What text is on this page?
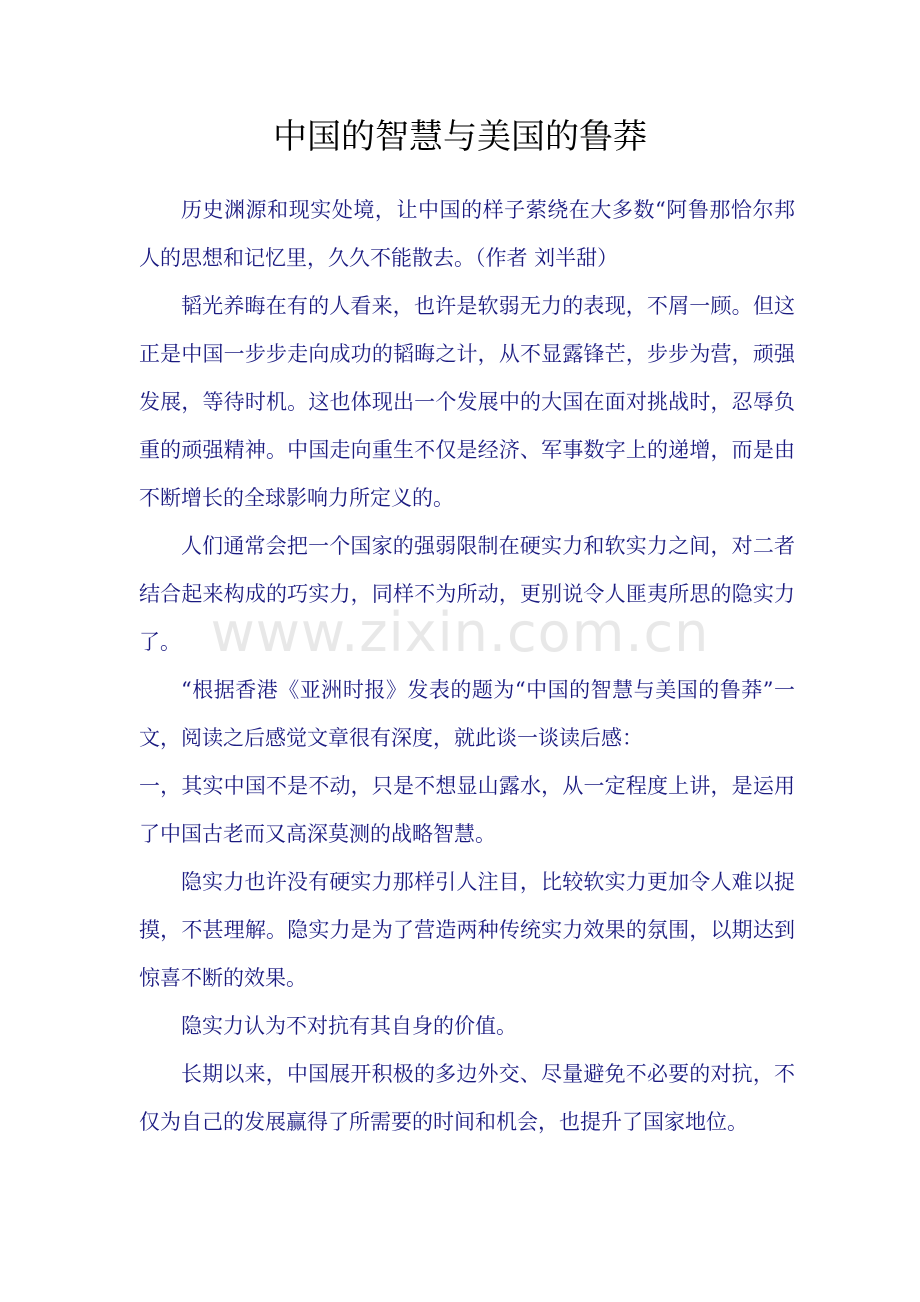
中国的智慧与美国的鲁莽

历史渊源和现实处境，让中国的样子萦绕在大多数“阿鲁那恰尔邦人的思想和记忆里，久久不能散去。（作者 刘半甜）

韬光养晦在有的人看来，也许是软弱无力的表现，不屑一顾。但这正是中国一步步走向成功的韬晦之计，从不显露锋芒，步步为营，顽强发展，等待时机。这也体现出一个发展中的大国在面对挑战时，忍辱负重的顽强精神。中国走向重生不仅是经济、军事数字上的递增，而是由不断增长的全球影响力所定义的。

人们通常会把一个国家的强弱限制在硬实力和软实力之间，对二者结合起来构成的巧实力，同样不为所动，更别说令人匪夷所思的隐实力了。

“根据香港《亚洲时报》发表的题为“中国的智慧与美国的鲁莽”一文，阅读之后感觉文章很有深度，就此谈一谈读后感：

一，其实中国不是不动，只是不想显山露水，从一定程度上讲，是运用了中国古老而又高深莫测的战略智慧。

隐实力也许没有硬实力那样引人注目，比较软实力更加令人难以捉摸，不甚理解。隐实力是为了营造两种传统实力效果的氛围，以期达到惊喜不断的效果。

隐实力认为不对抗有其自身的价值。

长期以来，中国展开积极的多边外交、尽量避免不必要的对抗，不仅为自己的发展赢得了所需要的时间和机会，也提升了国家地位。

www.zixin.com.cn
